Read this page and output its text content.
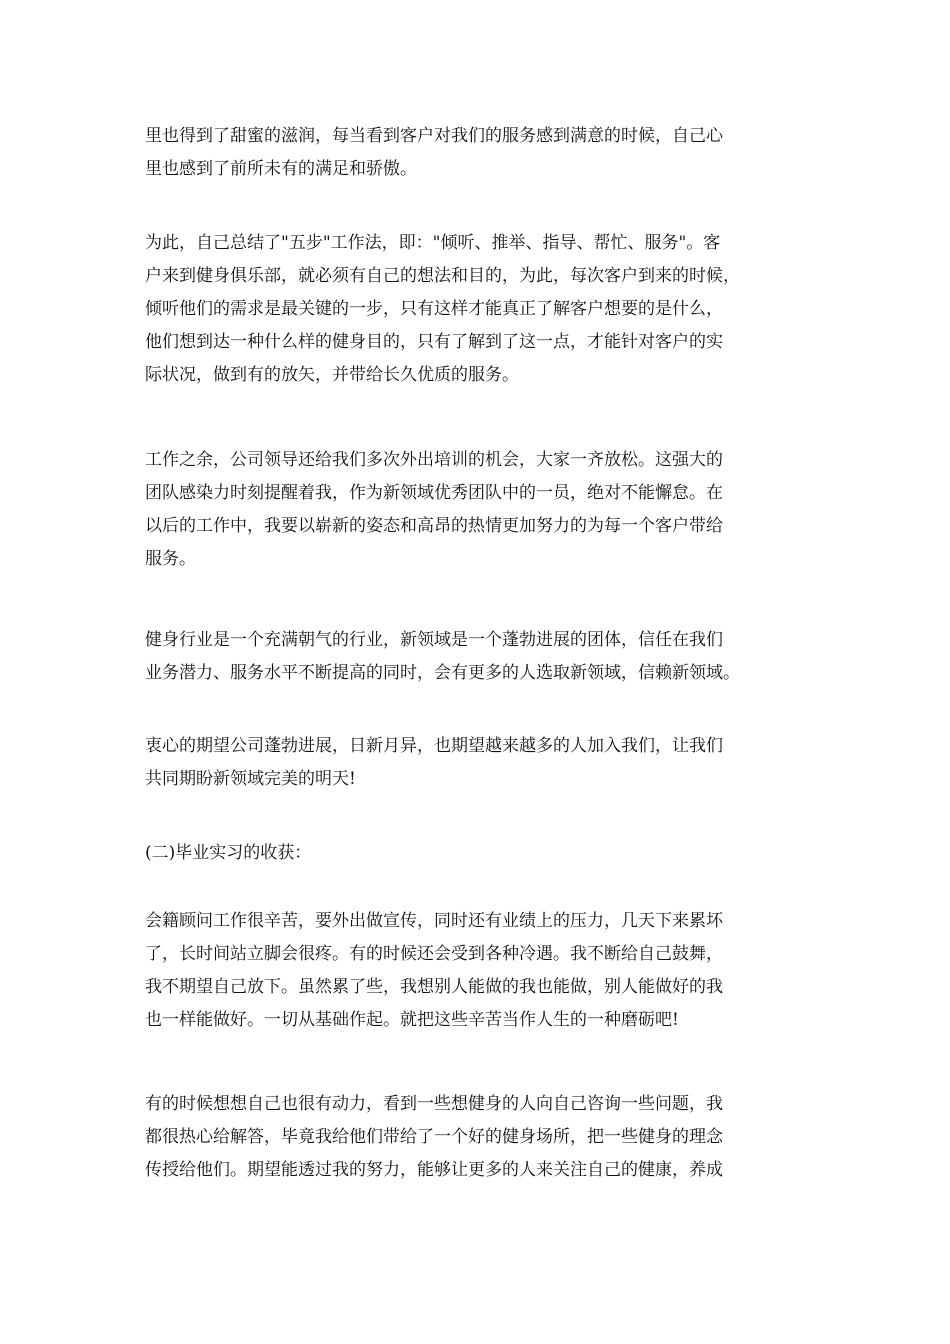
里也得到了甜蜜的滋润，每当看到客户对我们的服务感到满意的时候，自己心
里也感到了前所未有的满足和骄傲。
为此，自己总结了"五步"工作法，即："倾听、推举、指导、帮忙、服务"。客
户来到健身俱乐部，就必须有自己的想法和目的，为此，每次客户到来的时候，
倾听他们的需求是最关键的一步，只有这样才能真正了解客户想要的是什么，
他们想到达一种什么样的健身目的，只有了解到了这一点，才能针对客户的实
际状况，做到有的放矢，并带给长久优质的服务。
工作之余，公司领导还给我们多次外出培训的机会，大家一齐放松。这强大的
团队感染力时刻提醒着我，作为新领域优秀团队中的一员，绝对不能懈怠。在
以后的工作中，我要以崭新的姿态和高昂的热情更加努力的为每一个客户带给
服务。
健身行业是一个充满朝气的行业，新领域是一个蓬勃进展的团体，信任在我们
业务潜力、服务水平不断提高的同时，会有更多的人选取新领域，信赖新领域。
衷心的期望公司蓬勃进展，日新月异，也期望越来越多的人加入我们，让我们
共同期盼新领域完美的明天!
(二)毕业实习的收获：
会籍顾问工作很辛苦，要外出做宣传，同时还有业绩上的压力，几天下来累坏
了，长时间站立脚会很疼。有的时候还会受到各种冷遇。我不断给自己鼓舞，
我不期望自己放下。虽然累了些，我想别人能做的我也能做，别人能做好的我
也一样能做好。一切从基础作起。就把这些辛苦当作人生的一种磨砺吧!
有的时候想想自己也很有动力，看到一些想健身的人向自己咨询一些问题，我
都很热心给解答，毕竟我给他们带给了一个好的健身场所，把一些健身的理念
传授给他们。期望能透过我的努力，能够让更多的人来关注自己的健康，养成
